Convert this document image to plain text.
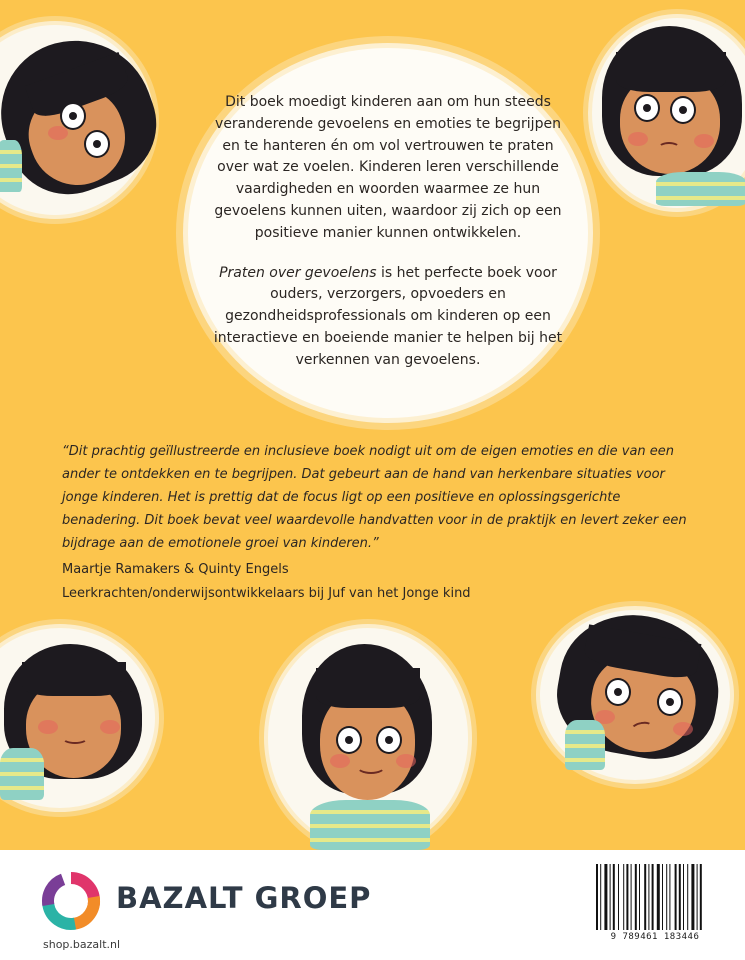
Dit boek moedigt kinderen aan om hun steeds veranderende gevoelens en emoties te begrijpen en te hanteren én om vol vertrouwen te praten over wat ze voelen. Kinderen leren verschillende vaardigheden en woorden waarmee ze hun gevoelens kunnen uiten, waardoor zij zich op een positieve manier kunnen ontwikkelen.

Praten over gevoelens is het perfecte boek voor ouders, verzorgers, opvoeders en gezondheidsprofessionals om kinderen op een interactieve en boeiende manier te helpen bij het verkennen van gevoelens.

“Dit prachtig geïllustreerde en inclusieve boek nodigt uit om de eigen emoties en die van een ander te ontdekken en te begrijpen. Dat gebeurt aan de hand van herkenbare situaties voor jonge kinderen. Het is prettig dat de focus ligt op een positieve en oplossingsgerichte benadering. Dit boek bevat veel waardevolle handvatten voor in de praktijk en levert zeker een bijdrage aan de emotionele groei van kinderen.”

Maartje Ramakers & Quinty Engels
Leerkrachten/onderwijsontwikkelaars bij Juf van het Jonge kind
BAZALT GROEP
shop.bazalt.nl
9 789461 183446
